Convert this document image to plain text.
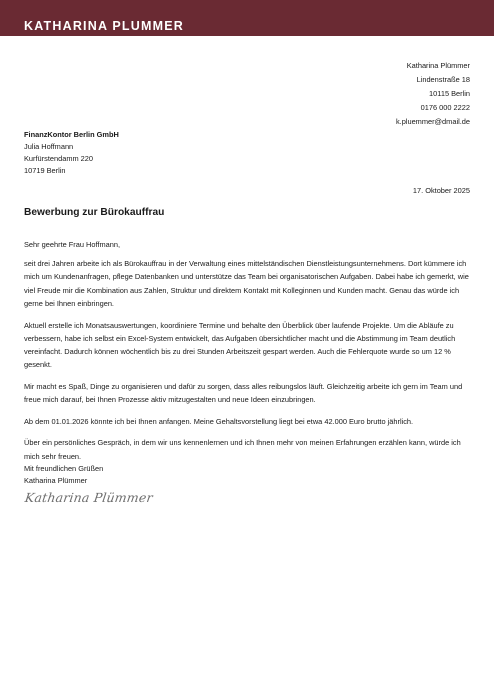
KATHARINA PLUMMER
Katharina Plümmer
Lindenstraße 18
10115 Berlin
0176 000 2222
k.pluemmer@dmail.de
FinanzKontor Berlin GmbH
Julia Hoffmann
Kurfürstendamm 220
10719 Berlin
17. Oktober 2025
Bewerbung zur Bürokauffrau

Sehr geehrte Frau Hoffmann,

seit drei Jahren arbeite ich als Bürokauffrau in der Verwaltung eines mittelständischen Dienstleistungsunternehmens. Dort kümmere ich mich um Kundenanfragen, pflege Datenbanken und unterstütze das Team bei organisatorischen Aufgaben. Dabei habe ich gemerkt, wie viel Freude mir die Kombination aus Zahlen, Struktur und direktem Kontakt mit Kolleginnen und Kunden macht. Genau das würde ich gerne bei Ihnen einbringen.

Aktuell erstelle ich Monatsauswertungen, koordiniere Termine und behalte den Überblick über laufende Projekte. Um die Abläufe zu verbessern, habe ich selbst ein Excel-System entwickelt, das Aufgaben übersichtlicher macht und die Abstimmung im Team deutlich vereinfacht. Dadurch können wöchentlich bis zu drei Stunden Arbeitszeit gespart werden. Auch die Fehlerquote wurde so um 12 % gesenkt.

Mir macht es Spaß, Dinge zu organisieren und dafür zu sorgen, dass alles reibungslos läuft. Gleichzeitig arbeite ich gern im Team und freue mich darauf, bei Ihnen Prozesse aktiv mitzugestalten und neue Ideen einzubringen.

Ab dem 01.01.2026 könnte ich bei Ihnen anfangen. Meine Gehaltsvorstellung liegt bei etwa 42.000 Euro brutto jährlich.

Über ein persönliches Gespräch, in dem wir uns kennenlernen und ich Ihnen mehr von meinen Erfahrungen erzählen kann, würde ich mich sehr freuen.

Mit freundlichen Grüßen
Katharina Plümmer
Katharina Plümmer
